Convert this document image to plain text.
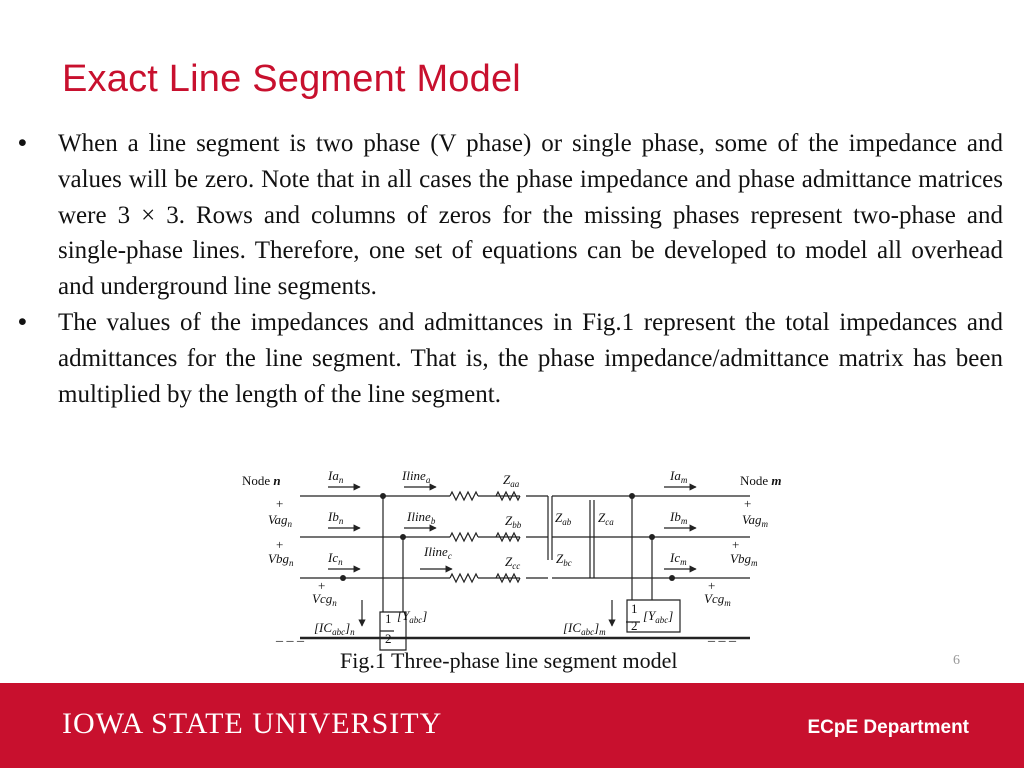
Exact Line Segment Model
• When a line segment is two phase (V phase) or single phase, some of the impedance and values will be zero. Note that in all cases the phase impedance and phase admittance matrices were 3 × 3. Rows and columns of zeros for the missing phases represent two-phase and single-phase lines. Therefore, one set of equations can be developed to model all overhead and underground line segments.
• The values of the impedances and admittances in Fig.1 represent the total impedances and admittances for the line segment. That is, the phase impedance/admittance matrix has been multiplied by the length of the line segment.
Node n	Node m
$Ia_n$
$Ib_n$
$Ic_n$
$Ia_m$
$Ib_m$
$Ic_m$
Iline$_a$
Iline$_b$
Iline$_c$
$Z_{aa}$
$Z_{bb}$
$Z_{cc}$
$Z_{ab}$ $Z_{ca}$
$Z_{bc}$
+
Vag$_n$
+
Vbg$_n$
+
Vcg$_n$
+
Vag$_m$
+
Vbg$_m$
+
Vcg$_m$
$[IC_{abc}]_n$	$[IC_{abc}]_m$
1
2
$[Y_{abc}]$	1
2
$[Y_{abc}]$
_ _ _	_ _ _
Fig.1 Three-phase line segment model	6
IOWA STATE UNIVERSITY	ECpE Department
